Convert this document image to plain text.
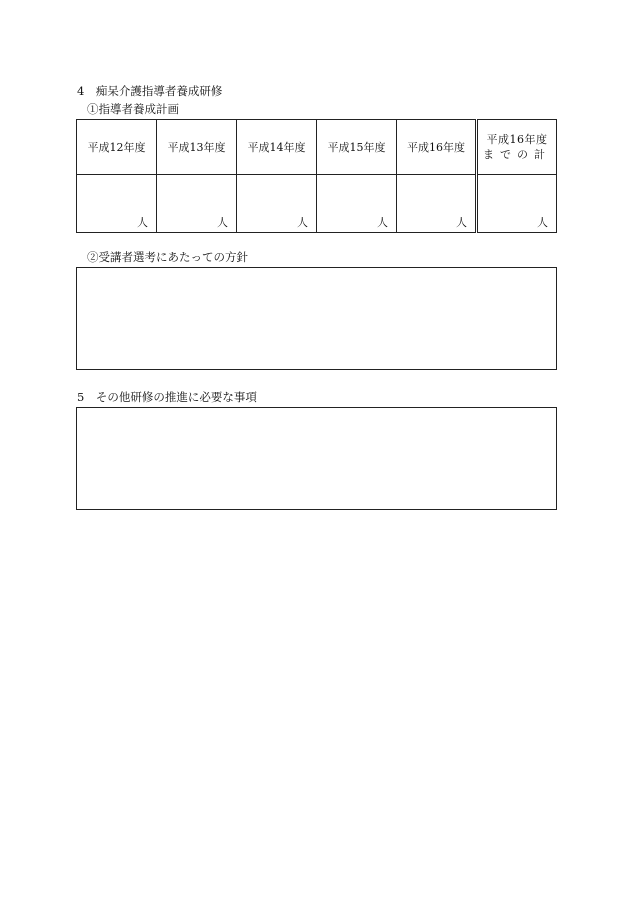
4　痴呆介護指導者養成研修
①指導者養成計画
平成12年度	平成13年度	平成14年度	平成15年度	平成16年度	平成16年度
までの計

人	人	人	人	人	人
②受講者選考にあたっての方針
5　その他研修の推進に必要な事項
